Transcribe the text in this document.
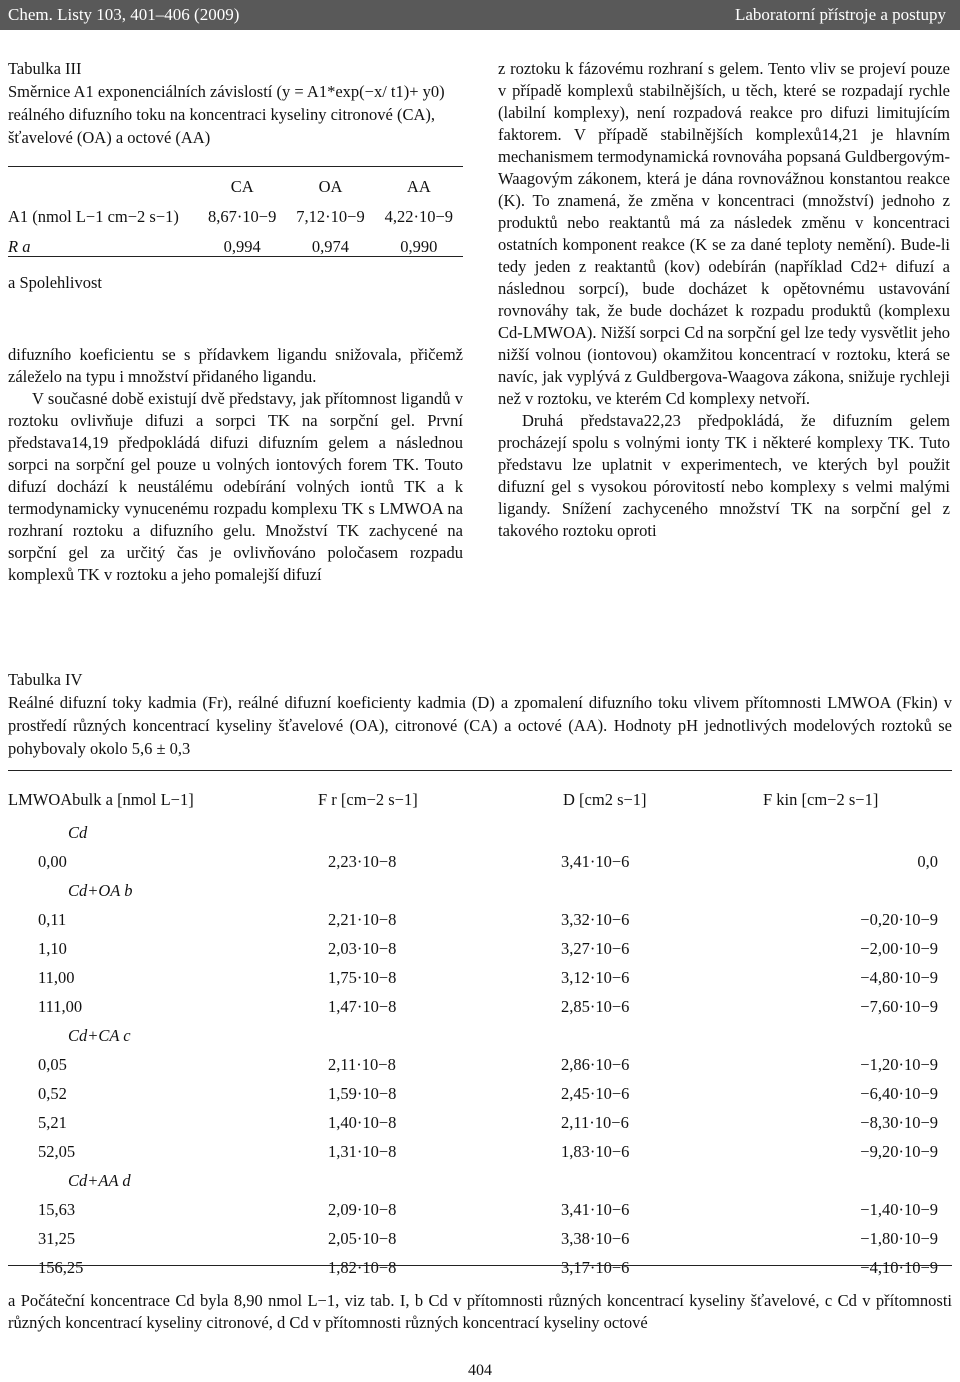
Chem. Listy 103, 401–406 (2009)	Laboratorní přístroje a postupy
Tabulka III
Směrnice A1 exponenciálních závislostí (y = A1*exp(−x/ t1)+ y0) reálného difuzního toku na koncentraci kyseliny citronové (CA), šťavelové (OA) a octové (AA)
	CA	OA	AA
A1 (nmol L−1 cm−2 s−1)	8,67·10−9	7,12·10−9	4,22·10−9
R a	0,994	0,974	0,990
a Spolehlivost

difuzního koeficientu se s přídavkem ligandu snižovala, přičemž záleželo na typu i množství přidaného ligandu.

V současné době existují dvě představy, jak přítomnost ligandů v roztoku ovlivňuje difuzi a sorpci TK na sorpční gel. První představa14,19 předpokládá difuzi difuzním gelem a následnou sorpci na sorpční gel pouze u volných iontových forem TK. Touto difuzí dochází k neustálému odebírání volných iontů TK a k termodynamicky vynucenému rozpadu komplexu TK s LMWOA na rozhraní roztoku a difuzního gelu. Množství TK zachycené na sorpční gel za určitý čas je ovlivňováno poločasem rozpadu komplexů TK v roztoku a jeho pomalejší difuzí

z roztoku k fázovému rozhraní s gelem. Tento vliv se projeví pouze v případě komplexů stabilnějších, u těch, které se rozpadají rychle (labilní komplexy), není rozpadová reakce pro difuzi limitujícím faktorem. V případě stabilnějších komplexů14,21 je hlavním mechanismem termodynamická rovnováha popsaná Guldbergovým-Waagovým zákonem, která je dána rovnovážnou konstantou reakce (K). To znamená, že změna v koncentraci (množství) jednoho z produktů nebo reaktantů má za následek změnu v koncentraci ostatních komponent reakce (K se za dané teploty nemění). Bude-li tedy jeden z reaktantů (kov) odebírán (například Cd2+ difuzí a následnou sorpcí), bude docházet k opětovnému ustavování rovnováhy tak, že bude docházet k rozpadu produktů (komplexu Cd-LMWOA). Nižší sorpci Cd na sorpční gel lze tedy vysvětlit jeho nižší volnou (iontovou) okamžitou koncentrací v roztoku, která se navíc, jak vyplývá z Guldbergova-Waagova zákona, snižuje rychleji než v roztoku, ve kterém Cd komplexy netvoří.

Druhá představa22,23 předpokládá, že difuzním gelem procházejí spolu s volnými ionty TK i některé komplexy TK. Tuto představu lze uplatnit v experimentech, ve kterých byl použit difuzní gel s vysokou pórovitostí nebo komplexy s velmi malými ligandy. Snížení zachyceného množství TK na sorpční gel z takového roztoku oproti

Tabulka IV
Reálné difuzní toky kadmia (Fr), reálné difuzní koeficienty kadmia (D) a zpomalení difuzního toku vlivem přítomnosti LMWOA (Fkin) v prostředí různých koncentrací kyseliny šťavelové (OA), citronové (CA) a octové (AA). Hodnoty pH jednotlivých modelových roztoků se pohybovaly okolo 5,6 ± 0,3
LMWOAbulk a [nmol L−1]	F r [cm−2 s−1]	D [cm2 s−1]	F kin [cm−2 s−1]
Cd			
0,00	2,23·10−8	3,41·10−6	0,0
Cd+OA b			
0,11	2,21·10−8	3,32·10−6	−0,20·10−9
1,10	2,03·10−8	3,27·10−6	−2,00·10−9
11,00	1,75·10−8	3,12·10−6	−4,80·10−9
111,00	1,47·10−8	2,85·10−6	−7,60·10−9
Cd+CA c			
0,05	2,11·10−8	2,86·10−6	−1,20·10−9
0,52	1,59·10−8	2,45·10−6	−6,40·10−9
5,21	1,40·10−8	2,11·10−6	−8,30·10−9
52,05	1,31·10−8	1,83·10−6	−9,20·10−9
Cd+AA d			
15,63	2,09·10−8	3,41·10−6	−1,40·10−9
31,25	2,05·10−8	3,38·10−6	−1,80·10−9
156,25	1,82·10−8	3,17·10−6	−4,10·10−9
a Počáteční koncentrace Cd byla 8,90 nmol L−1, viz tab. I, b Cd v přítomnosti různých koncentrací kyseliny šťavelové, c Cd v přítomnosti různých koncentrací kyseliny citronové, d Cd v přítomnosti různých koncentrací kyseliny octové
404
